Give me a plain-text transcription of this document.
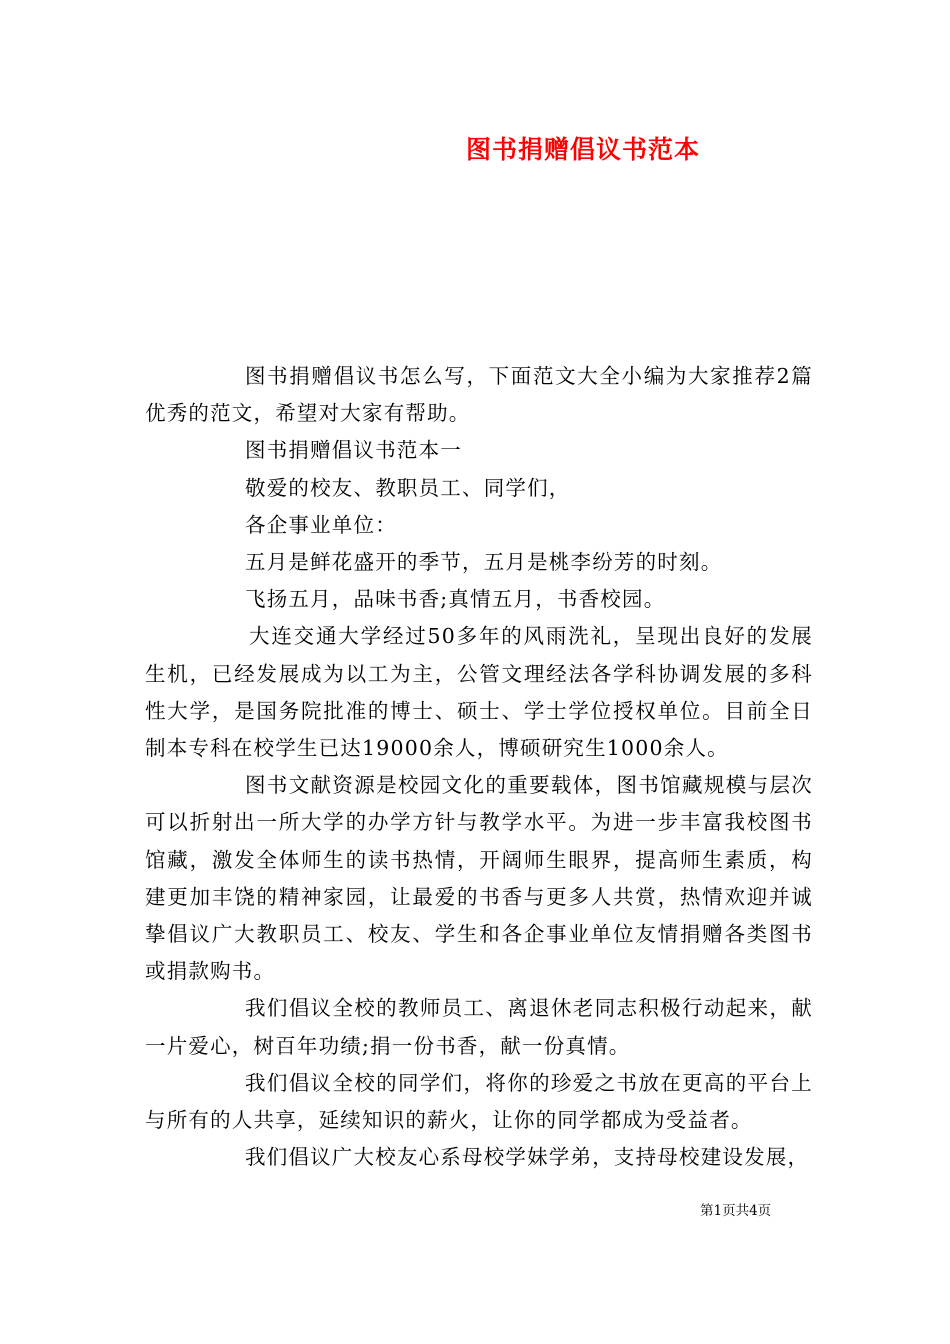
图书捐赠倡议书范本

图书捐赠倡议书怎么写，下面范文大全小编为大家推荐2篇优秀的范文，希望对大家有帮助。

图书捐赠倡议书范本一

敬爱的校友、教职员工、同学们，

各企事业单位：

五月是鲜花盛开的季节，五月是桃李纷芳的时刻。

飞扬五月，品味书香;真情五月，书香校园。

大连交通大学经过50多年的风雨洗礼，呈现出良好的发展生机，已经发展成为以工为主，公管文理经法各学科协调发展的多科性大学，是国务院批准的博士、硕士、学士学位授权单位。目前全日制本专科在校学生已达19000余人，博硕研究生1000余人。

图书文献资源是校园文化的重要载体，图书馆藏规模与层次可以折射出一所大学的办学方针与教学水平。为进一步丰富我校图书馆藏，激发全体师生的读书热情，开阔师生眼界，提高师生素质，构建更加丰饶的精神家园，让最爱的书香与更多人共赏，热情欢迎并诚挚倡议广大教职员工、校友、学生和各企事业单位友情捐赠各类图书或捐款购书。

我们倡议全校的教师员工、离退休老同志积极行动起来，献一片爱心，树百年功绩;捐一份书香，献一份真情。

我们倡议全校的同学们，将你的珍爱之书放在更高的平台上与所有的人共享，延续知识的薪火，让你的同学都成为受益者。

我们倡议广大校友心系母校学妹学弟，支持母校建设发展，

第1页共4页
